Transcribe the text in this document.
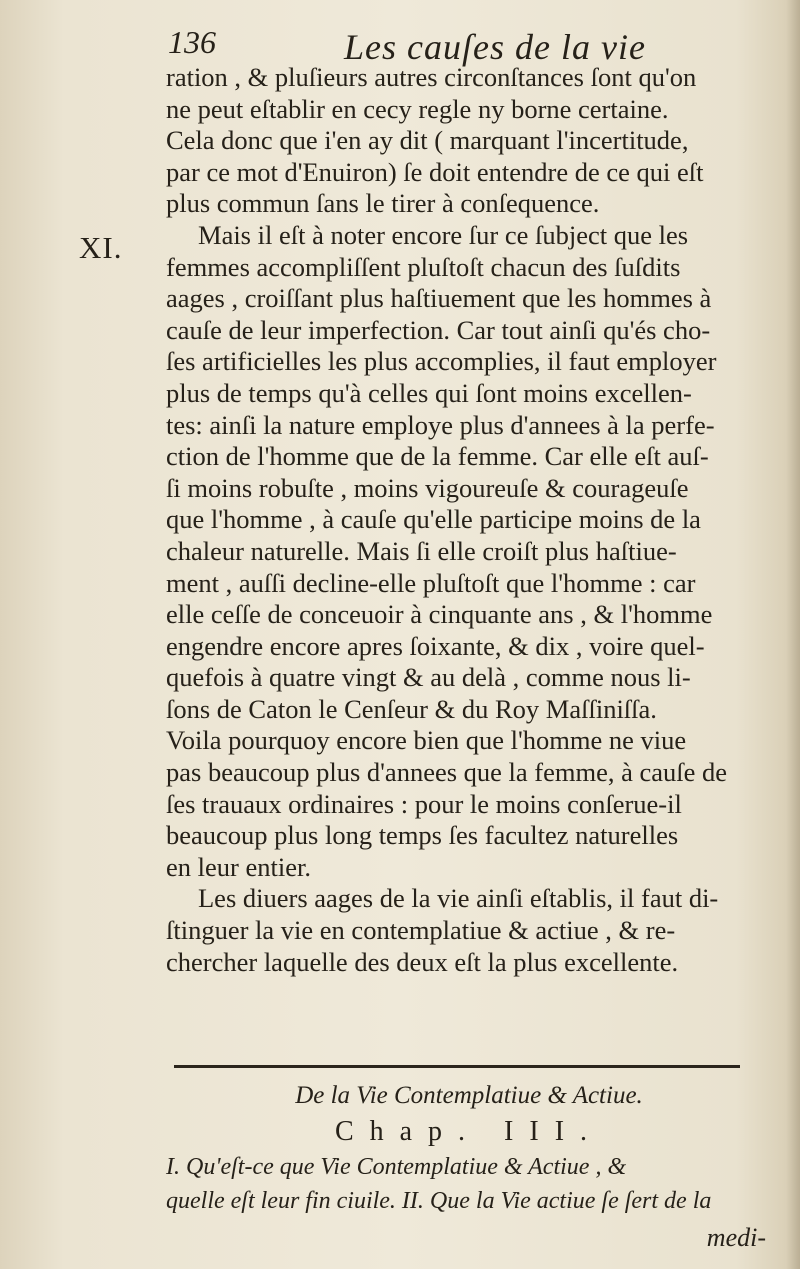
136	Les cauſes de la vie
XI.
ration , & pluſieurs autres circonſtances ſont qu'on
ne peut eſtablir en cecy regle ny borne certaine.
Cela donc que i'en ay dit ( marquant l'incertitude,
par ce mot d'Enuiron) ſe doit entendre de ce qui eſt
plus commun ſans le tirer à conſequence.
Mais il eſt à noter encore ſur ce ſubject que les
femmes accompliſſent pluſtoſt chacun des ſuſdits
aages , croiſſant plus haſtiuement que les hommes à
cauſe de leur imperfection. Car tout ainſi qu'és cho-
ſes artificielles les plus accomplies, il faut employer
plus de temps qu'à celles qui ſont moins excellen-
tes: ainſi la nature employe plus d'annees à la perfe-
ction de l'homme que de la femme. Car elle eſt auſ-
ſi moins robuſte , moins vigoureuſe & courageuſe
que l'homme , à cauſe qu'elle participe moins de la
chaleur naturelle. Mais ſi elle croiſt plus haſtiue-
ment , auſſi decline-elle pluſtoſt que l'homme : car
elle ceſſe de conceuoir à cinquante ans , & l'homme
engendre encore apres ſoixante, & dix , voire quel-
quefois à quatre vingt & au delà , comme nous li-
ſons de Caton le Cenſeur & du Roy Maſſiniſſa.
Voila pourquoy encore bien que l'homme ne viue
pas beaucoup plus d'annees que la femme, à cauſe de
ſes trauaux ordinaires : pour le moins conſerue-il
beaucoup plus long temps ſes facultez naturelles
en leur entier.
Les diuers aages de la vie ainſi eſtablis, il faut di-
ſtinguer la vie en contemplatiue & actiue , & re-
chercher laquelle des deux eſt la plus excellente.
De la Vie Contemplatiue & Actiue.
Chap. III.
I. Qu'eſt-ce que Vie Contemplatiue & Actiue , &
quelle eſt leur fin ciuile. II. Que la Vie actiue ſe ſert de la
medi-
